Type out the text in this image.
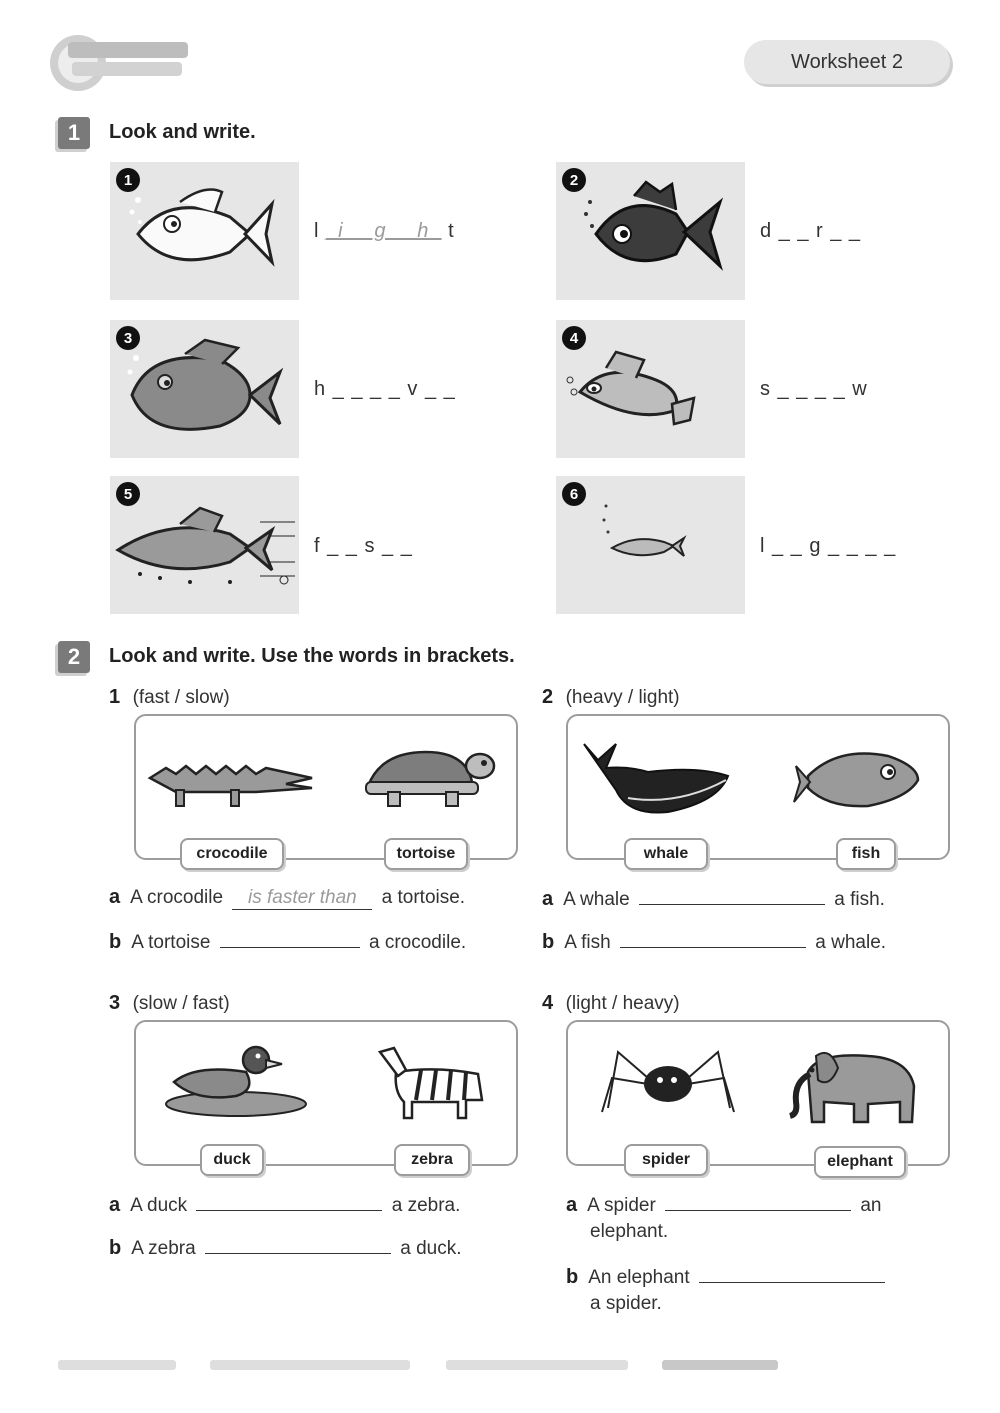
Worksheet 2
1	Look and write.
1
l _i_ _g_ _h_ t
2
d _ _ r _ _
3
h _ _ _ _ v _ _
4
s _ _ _ _ w
5
f _ _ s _ _
6
l _ _ g _ _ _ _
2	Look and write. Use the words in brackets.
1 (fast / slow)
crocodile	tortoise
a A crocodile is faster than a tortoise.
b A tortoise	a crocodile.
2 (heavy / light)
whale	fish
a A whale	a fish.
b A fish	a whale.
3 (slow / fast)
duck	zebra
a A duck	a zebra.
b A zebra	a duck.
4 (light / heavy)
spider	elephant
a A spider	an
elephant.
b An elephant
a spider.
